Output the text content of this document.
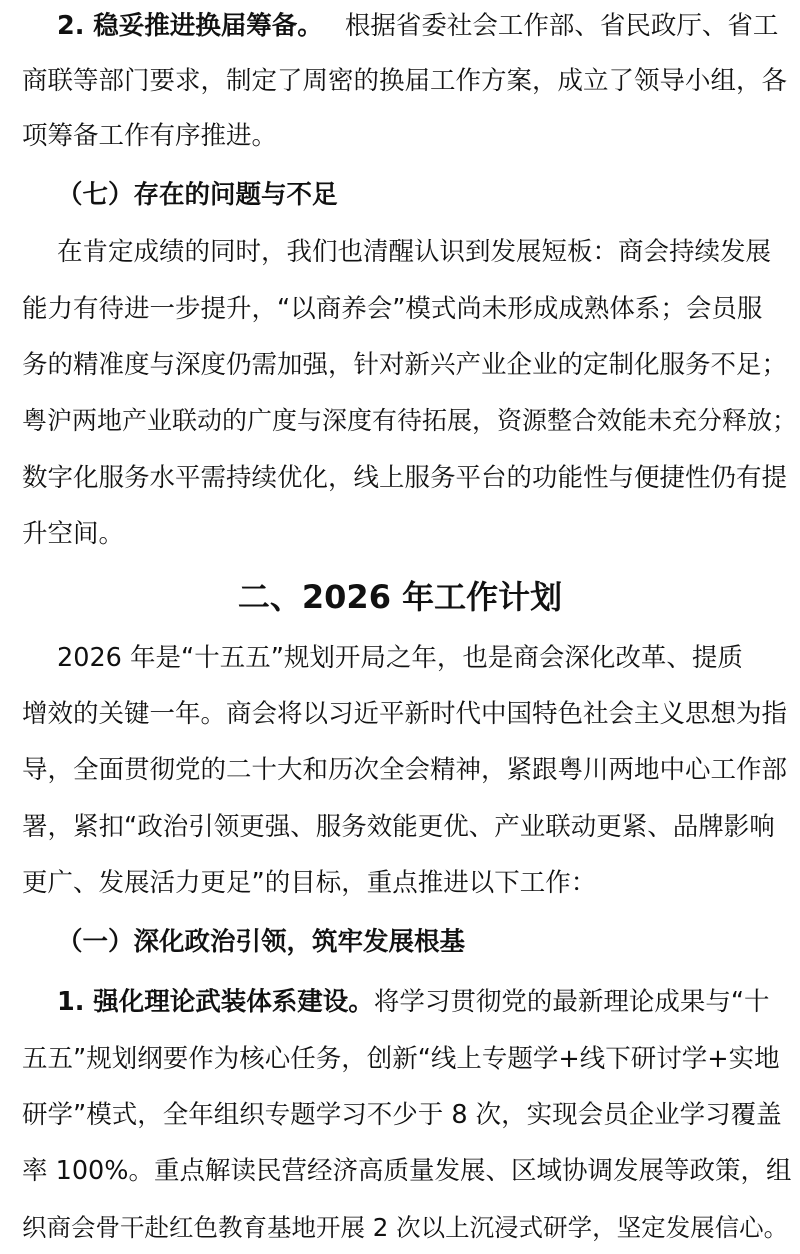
2. 稳妥推进换届筹备。 根据省委社会工作部、省民政厅、省工
商联等部门要求，制定了周密的换届工作方案，成立了领导小组，各
项筹备工作有序推进。
（七）存在的问题与不足
在肯定成绩的同时，我们也清醒认识到发展短板：商会持续发展
能力有待进一步提升，“以商养会”模式尚未形成成熟体系；会员服
务的精准度与深度仍需加强，针对新兴产业企业的定制化服务不足；
粤沪两地产业联动的广度与深度有待拓展，资源整合效能未充分释放；
数字化服务水平需持续优化，线上服务平台的功能性与便捷性仍有提
升空间。
二、2026 年工作计划
2026 年是“十五五”规划开局之年，也是商会深化改革、提质
增效的关键一年。商会将以习近平新时代中国特色社会主义思想为指
导，全面贯彻党的二十大和历次全会精神，紧跟粤川两地中心工作部
署，紧扣“政治引领更强、服务效能更优、产业联动更紧、品牌影响
更广、发展活力更足”的目标，重点推进以下工作：
（一）深化政治引领，筑牢发展根基
1. 强化理论武装体系建设。将学习贯彻党的最新理论成果与“十
五五”规划纲要作为核心任务，创新“线上专题学+线下研讨学+实地
研学”模式，全年组织专题学习不少于 8 次，实现会员企业学习覆盖
率 100%。重点解读民营经济高质量发展、区域协调发展等政策，组
织商会骨干赴红色教育基地开展 2 次以上沉浸式研学，坚定发展信心。
